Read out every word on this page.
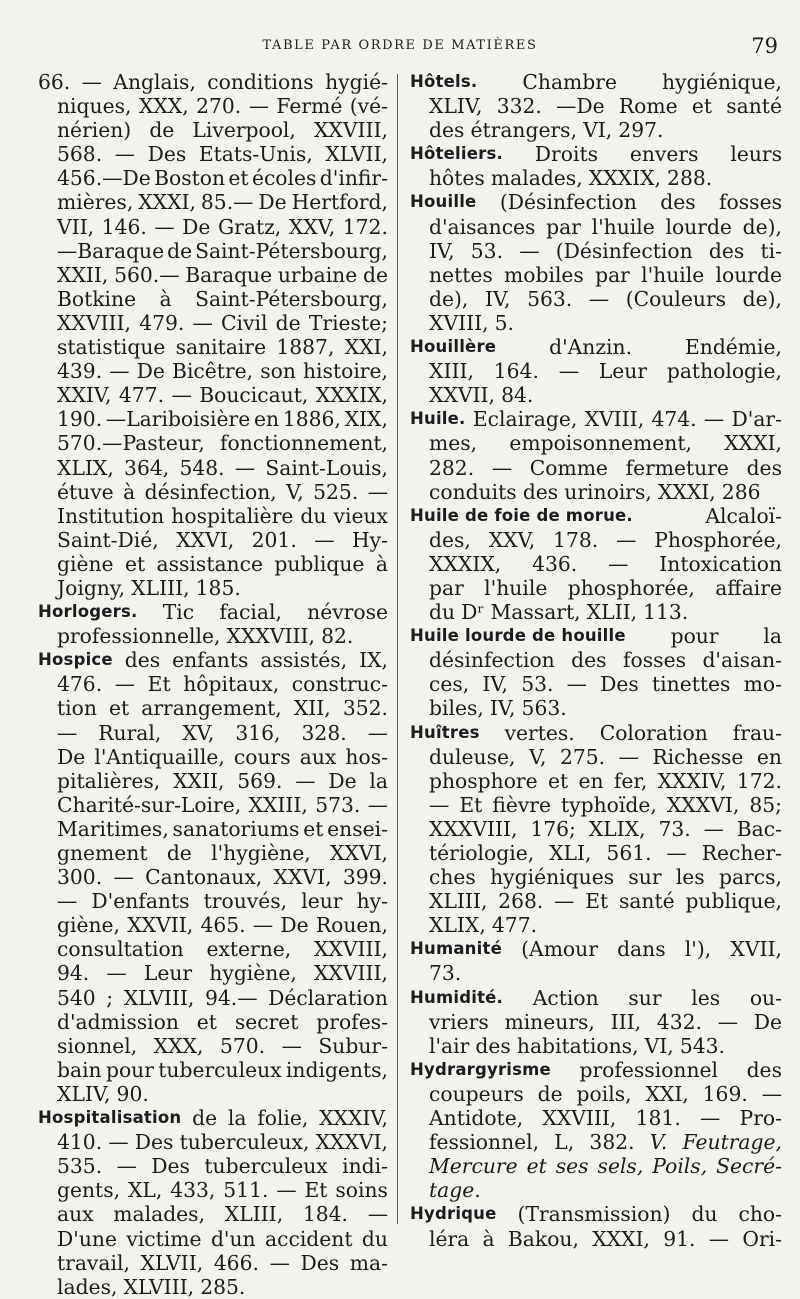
TABLE PAR ORDRE DE MATIÈRES	79
66. — Anglais, conditions hygié-
niques, XXX, 270. — Fermé (vé-
nérien) de Liverpool, XXVIII,
568. — Des Etats-Unis, XLVII,
456.—De Boston et écoles d'infir-
mières, XXXI, 85.— De Hertford,
VII, 146. — De Gratz, XXV, 172.
—Baraque de Saint-Pétersbourg,
XXII, 560.— Baraque urbaine de
Botkine à Saint-Pétersbourg,
XXVIII, 479. — Civil de Trieste;
statistique sanitaire 1887, XXI,
439. — De Bicêtre, son histoire,
XXIV, 477. — Boucicaut, XXXIX,
190. —Lariboisière en 1886, XIX,
570.—Pasteur, fonctionnement,
XLIX, 364, 548. — Saint-Louis,
étuve à désinfection, V, 525. —
Institution hospitalière du vieux
Saint-Dié, XXVI, 201. — Hy-
giène et assistance publique à
Joigny, XLIII, 185.
Horlogers. Tic facial, névrose
professionnelle, XXXVIII, 82.
Hospice des enfants assistés, IX,
476. — Et hôpitaux, construc-
tion et arrangement, XII, 352.
— Rural, XV, 316, 328. —
De l'Antiquaille, cours aux hos-
pitalières, XXII, 569. — De la
Charité-sur-Loire, XXIII, 573. —
Maritimes, sanatoriums et ensei-
gnement de l'hygiène, XXVI,
300. — Cantonaux, XXVI, 399.
— D'enfants trouvés, leur hy-
giène, XXVII, 465. — De Rouen,
consultation externe, XXVIII,
94. — Leur hygiène, XXVIII,
540 ; XLVIII, 94.— Déclaration
d'admission et secret profes-
sionnel, XXX, 570. — Subur-
bain pour tuberculeux indigents,
XLIV, 90.
Hospitalisation de la folie, XXXIV,
410. — Des tuberculeux, XXXVI,
535. — Des tuberculeux indi-
gents, XL, 433, 511. — Et soins
aux malades, XLIII, 184. —
D'une victime d'un accident du
travail, XLVII, 466. — Des ma-
lades, XLVIII, 285.
Hôtels. Chambre hygiénique,
XLIV, 332. —De Rome et santé
des étrangers, VI, 297.
Hôteliers. Droits envers leurs
hôtes malades, XXXIX, 288.
Houille (Désinfection des fosses
d'aisances par l'huile lourde de),
IV, 53. — (Désinfection des ti-
nettes mobiles par l'huile lourde
de), IV, 563. — (Couleurs de),
XVIII, 5.
Houillère	d'Anzin.	Endémie,
XIII, 164. — Leur pathologie,
XXVII, 84.
Huile. Eclairage, XVIII, 474. — D'ar-
mes, empoisonnement, XXXI,
282. — Comme fermeture des
conduits des urinoirs, XXXI, 286
Huile de foie de morue.	Alcaloï-
des, XXV, 178. — Phosphorée,
XXXIX, 436. — Intoxication
par l'huile phosphorée, affaire
du Dʳ Massart, XLII, 113.
Huile lourde de houille pour la
désinfection des fosses d'aisan-
ces, IV, 53. — Des tinettes mo-
biles, IV, 563.
Huîtres vertes. Coloration frau-
duleuse, V, 275. — Richesse en
phosphore et en fer, XXXIV, 172.
— Et fièvre typhoïde, XXXVI, 85;
XXXVIII, 176; XLIX, 73. — Bac-
tériologie, XLI, 561. — Recher-
ches hygiéniques sur les parcs,
XLIII, 268. — Et santé publique,
XLIX, 477.
Humanité (Amour dans l'), XVII,
73.
Humidité. Action sur les ou-
vriers mineurs, III, 432. — De
l'air des habitations, VI, 543.
Hydrargyrisme professionnel des
coupeurs de poils, XXI, 169. —
Antidote, XXVIII, 181. — Pro-
fessionnel, L, 382. V. Feutrage,
Mercure et ses sels, Poils, Secré-
tage.
Hydrique (Transmission) du cho-
léra à Bakou, XXXI, 91. — Ori-
